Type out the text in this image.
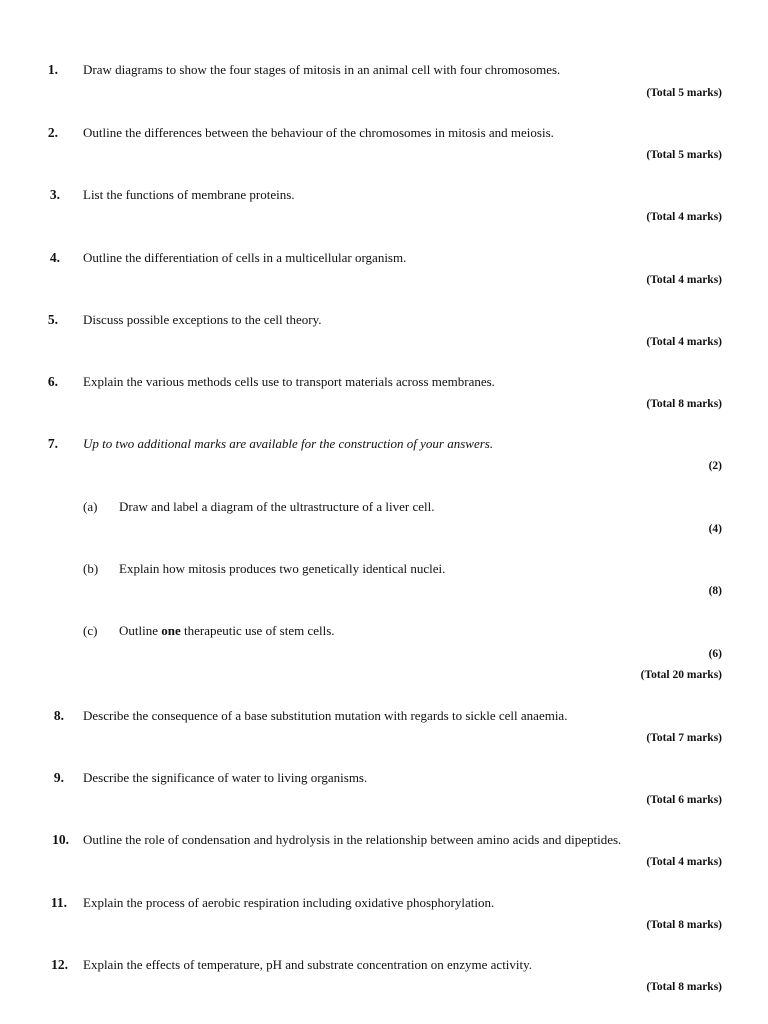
1. Draw diagrams to show the four stages of mitosis in an animal cell with four chromosomes.
(Total 5 marks)
2. Outline the differences between the behaviour of the chromosomes in mitosis and meiosis.
(Total 5 marks)
3. List the functions of membrane proteins.
(Total 4 marks)
4. Outline the differentiation of cells in a multicellular organism.
(Total 4 marks)
5. Discuss possible exceptions to the cell theory.
(Total 4 marks)
6. Explain the various methods cells use to transport materials across membranes.
(Total 8 marks)
7. Up to two additional marks are available for the construction of your answers.
(2)
(a) Draw and label a diagram of the ultrastructure of a liver cell.
(4)
(b) Explain how mitosis produces two genetically identical nuclei.
(8)
(c) Outline one therapeutic use of stem cells.
(6)
(Total 20 marks)
8. Describe the consequence of a base substitution mutation with regards to sickle cell anaemia.
(Total 7 marks)
9. Describe the significance of water to living organisms.
(Total 6 marks)
10. Outline the role of condensation and hydrolysis in the relationship between amino acids and dipeptides.
(Total 4 marks)
11. Explain the process of aerobic respiration including oxidative phosphorylation.
(Total 8 marks)
12. Explain the effects of temperature, pH and substrate concentration on enzyme activity.
(Total 8 marks)
